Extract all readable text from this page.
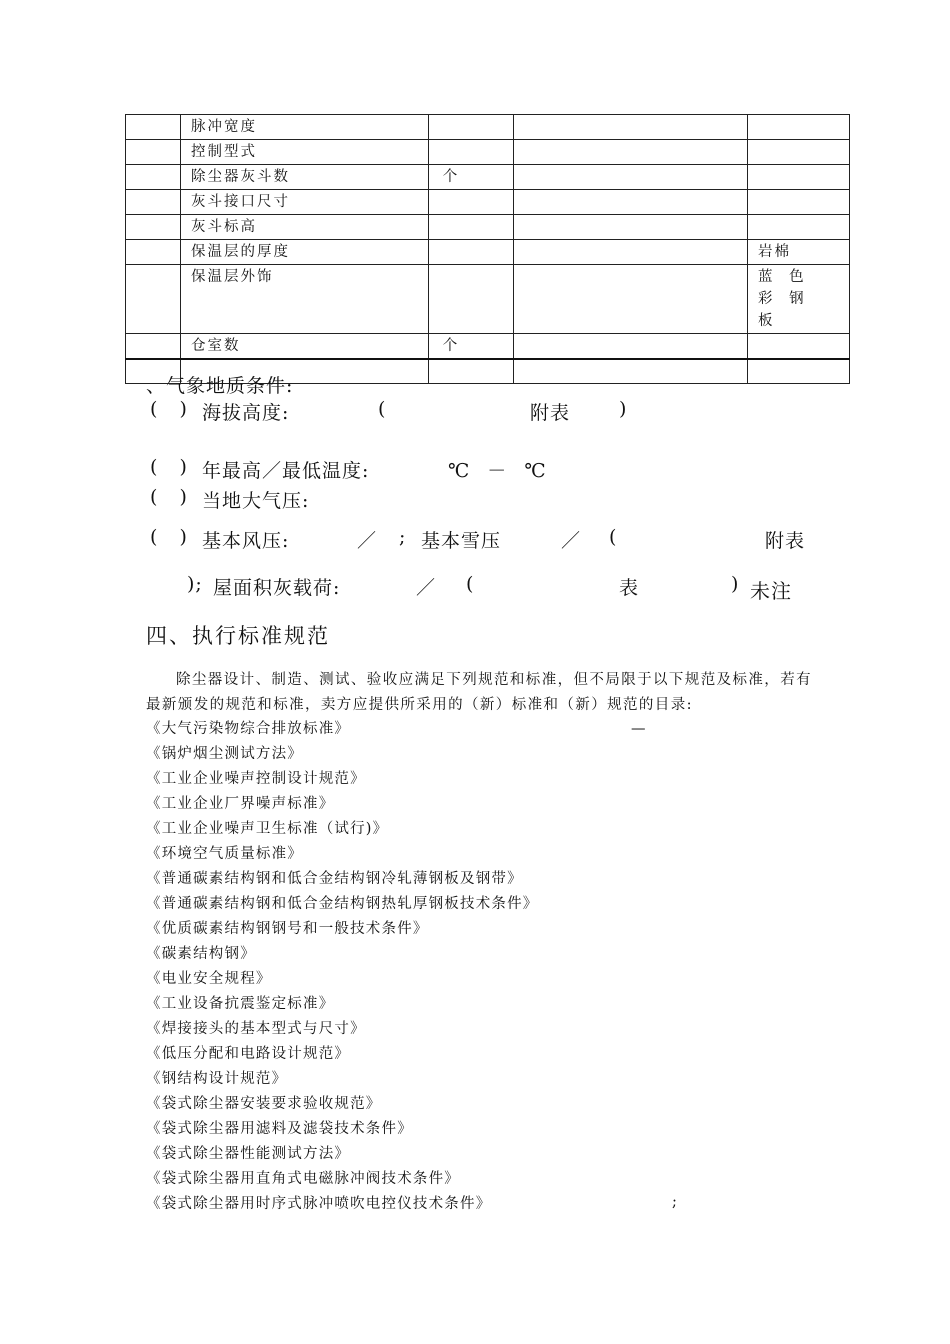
	脉冲宽度			
	控制型式			
	除尘器灰斗数	个		
	灰斗接口尺寸			
	灰斗标高			
	保温层的厚度			岩棉
	保温层外饰			蓝 色 彩 钢 板
	仓室数	个		

、气象地质条件:
(   ) 海拔高度:	(	附表	)
(   ) 年最高／最低温度:	℃ － ℃
(   ) 当地大气压:
(   ) 基本风压:	／ ; 基本雪压	／ (	附表
); 屋面积灰载荷:	／ (	表	) 未注
四、执行标准规范
除尘器设计、制造、测试、验收应满足下列规范和标准，但不局限于以下规范及标准，若有最新颁发的规范和标准，卖方应提供所采用的（新）标准和（新）规范的目录:
《大气污染物综合排放标准》
《锅炉烟尘测试方法》
《工业企业噪声控制设计规范》
《工业企业厂界噪声标准》
《工业企业噪声卫生标准（试行)》
《环境空气质量标准》
《普通碳素结构钢和低合金结构钢冷轧薄钢板及钢带》
《普通碳素结构钢和低合金结构钢热轧厚钢板技术条件》
《优质碳素结构钢钢号和一般技术条件》
《碳素结构钢》
《电业安全规程》
《工业设备抗震鉴定标准》
《焊接接头的基本型式与尺寸》
《低压分配和电路设计规范》
《钢结构设计规范》
《袋式除尘器安装要求验收规范》
《袋式除尘器用滤料及滤袋技术条件》
《袋式除尘器性能测试方法》
《袋式除尘器用直角式电磁脉冲阀技术条件》
《袋式除尘器用时序式脉冲喷吹电控仪技术条件》
—
;
